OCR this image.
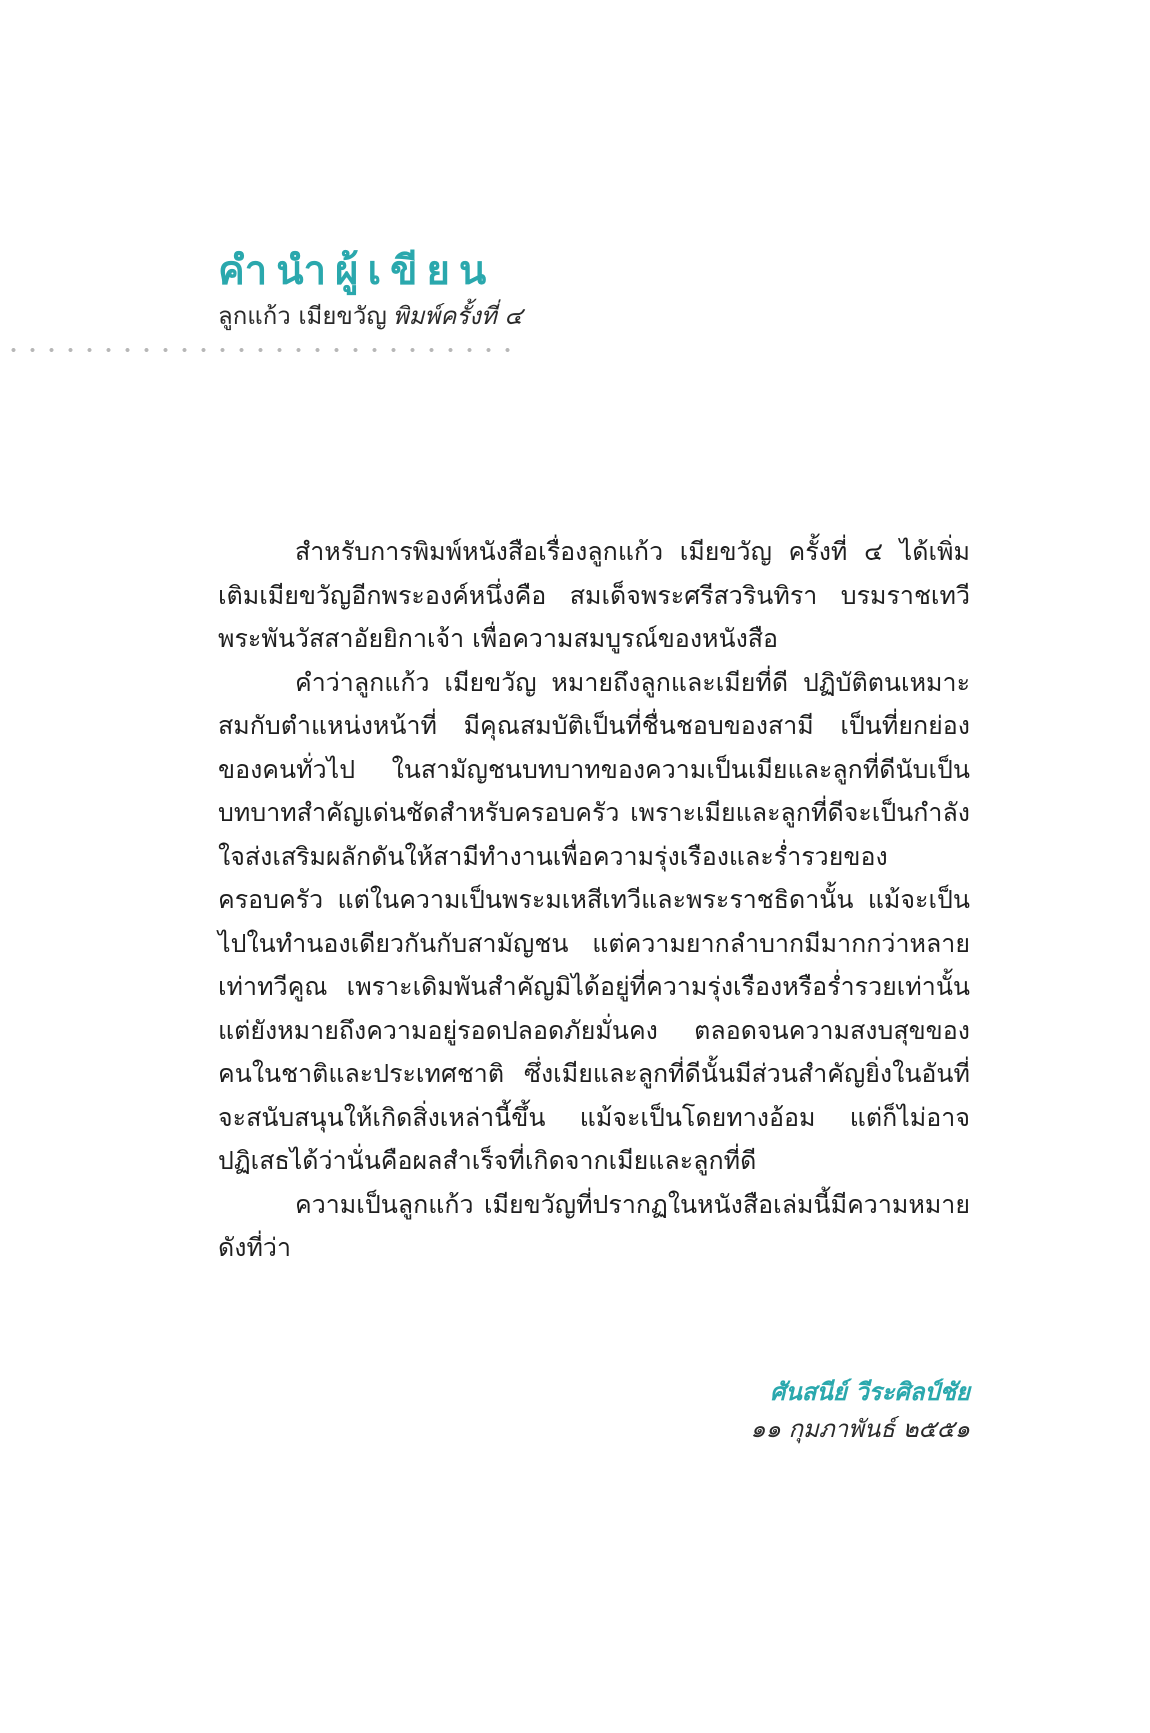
คำนำผู้เขียน
ลูกแก้ว เมียขวัญ พิมพ์ครั้งที่ ๔

สำหรับการพิมพ์หนังสือเรื่องลูกแก้ว เมียขวัญ ครั้งที่ ๔ ได้เพิ่มเติมเมียขวัญอีกพระองค์หนึ่งคือ สมเด็จพระศรีสวรินทิรา บรมราชเทวี พระพันวัสสาอัยยิกาเจ้า เพื่อความสมบูรณ์ของหนังสือ

คำว่าลูกแก้ว เมียขวัญ หมายถึงลูกและเมียที่ดี ปฏิบัติตนเหมาะสมกับตำแหน่งหน้าที่ มีคุณสมบัติเป็นที่ชื่นชอบของสามี เป็นที่ยกย่องของคนทั่วไป ในสามัญชนบทบาทของความเป็นเมียและลูกที่ดีนับเป็นบทบาทสำคัญเด่นชัดสำหรับครอบครัว เพราะเมียและลูกที่ดีจะเป็นกำลังใจส่งเสริมผลักดันให้สามีทำงานเพื่อความรุ่งเรืองและร่ำรวยของครอบครัว แต่ในความเป็นพระมเหสีเทวีและพระราชธิดานั้น แม้จะเป็นไปในทำนองเดียวกันกับสามัญชน แต่ความยากลำบากมีมากกว่าหลายเท่าทวีคูณ เพราะเดิมพันสำคัญมิได้อยู่ที่ความรุ่งเรืองหรือร่ำรวยเท่านั้น แต่ยังหมายถึงความอยู่รอดปลอดภัยมั่นคง ตลอดจนความสงบสุขของคนในชาติและประเทศชาติ ซึ่งเมียและลูกที่ดีนั้นมีส่วนสำคัญยิ่งในอันที่จะสนับสนุนให้เกิดสิ่งเหล่านี้ขึ้น แม้จะเป็นโดยทางอ้อม แต่ก็ไม่อาจปฏิเสธได้ว่านั่นคือผลสำเร็จที่เกิดจากเมียและลูกที่ดี

ความเป็นลูกแก้ว เมียขวัญที่ปรากฏในหนังสือเล่มนี้มีความหมายดังที่ว่า

ศันสนีย์ วีระศิลป์ชัย
๑๑ กุมภาพันธ์ ๒๕๕๑
